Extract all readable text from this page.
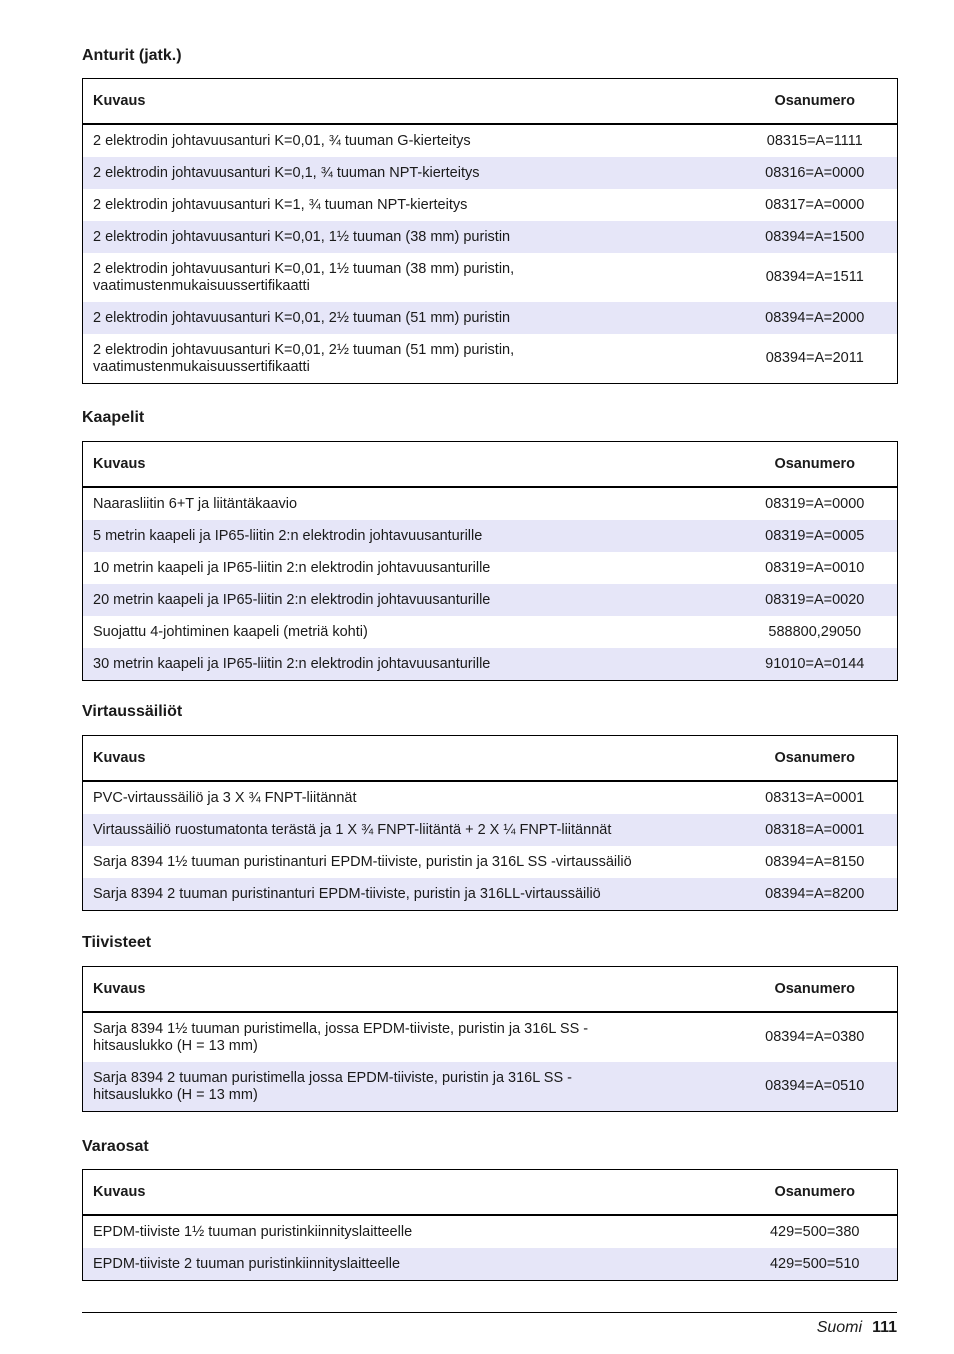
Anturit (jatk.)
Kuvaus	Osanumero
2 elektrodin johtavuusanturi K=0,01, ¾ tuuman G-kierteitys	08315=A=1111
2 elektrodin johtavuusanturi K=0,1, ¾ tuuman NPT-kierteitys	08316=A=0000
2 elektrodin johtavuusanturi K=1, ¾ tuuman NPT-kierteitys	08317=A=0000
2 elektrodin johtavuusanturi K=0,01, 1½ tuuman (38 mm) puristin	08394=A=1500
2 elektrodin johtavuusanturi K=0,01, 1½ tuuman (38 mm) puristin,
vaatimustenmukaisuussertifikaatti	08394=A=1511
2 elektrodin johtavuusanturi K=0,01, 2½ tuuman (51 mm) puristin	08394=A=2000
2 elektrodin johtavuusanturi K=0,01, 2½ tuuman (51 mm) puristin,
vaatimustenmukaisuussertifikaatti	08394=A=2011
Kaapelit
Kuvaus	Osanumero
Naarasliitin 6+T ja liitäntäkaavio	08319=A=0000
5 metrin kaapeli ja IP65-liitin 2:n elektrodin johtavuusanturille	08319=A=0005
10 metrin kaapeli ja IP65-liitin 2:n elektrodin johtavuusanturille	08319=A=0010
20 metrin kaapeli ja IP65-liitin 2:n elektrodin johtavuusanturille	08319=A=0020
Suojattu 4-johtiminen kaapeli (metriä kohti)	588800,29050
30 metrin kaapeli ja IP65-liitin 2:n elektrodin johtavuusanturille	91010=A=0144
Virtaussäiliöt
Kuvaus	Osanumero
PVC-virtaussäiliö ja 3 X ¾ FNPT-liitännät	08313=A=0001
Virtaussäiliö ruostumatonta terästä ja 1 X ¾ FNPT-liitäntä + 2 X ¼ FNPT-liitännät	08318=A=0001
Sarja 8394 1½ tuuman puristinanturi EPDM-tiiviste, puristin ja 316L SS -virtaussäiliö	08394=A=8150
Sarja 8394 2 tuuman puristinanturi EPDM-tiiviste, puristin ja 316LL-virtaussäiliö	08394=A=8200
Tiivisteet
Kuvaus	Osanumero
Sarja 8394 1½ tuuman puristimella, jossa EPDM-tiiviste, puristin ja 316L SS -
hitsauslukko (H = 13 mm)	08394=A=0380
Sarja 8394 2 tuuman puristimella jossa EPDM-tiiviste, puristin ja 316L SS -
hitsauslukko (H = 13 mm)	08394=A=0510
Varaosat
Kuvaus	Osanumero
EPDM-tiiviste 1½ tuuman puristinkiinnityslaitteelle	429=500=380
EPDM-tiiviste 2 tuuman puristinkiinnityslaitteelle	429=500=510
Suomi 111
